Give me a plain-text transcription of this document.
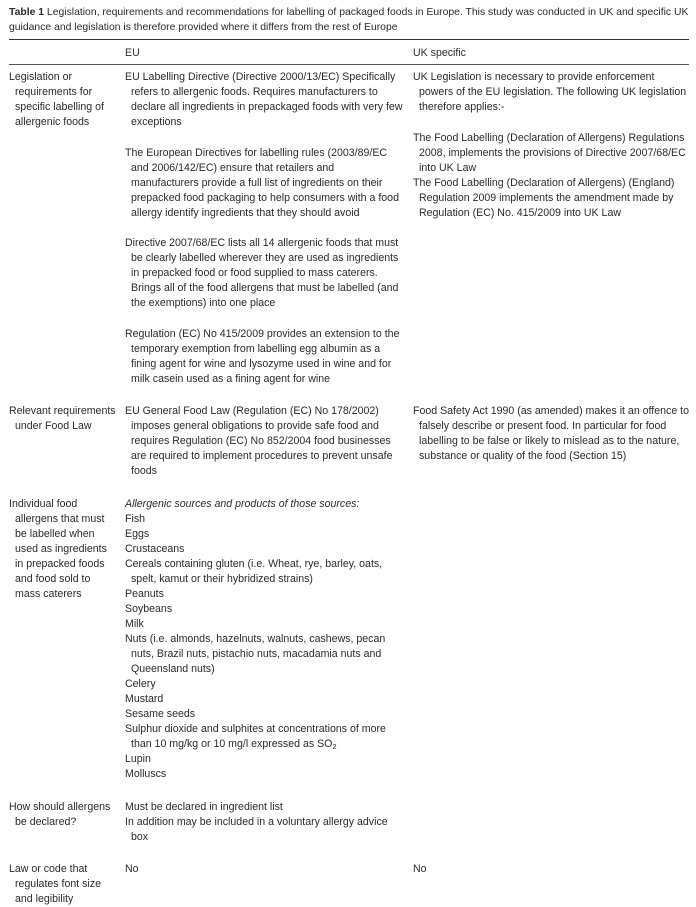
Table 1 Legislation, requirements and recommendations for labelling of packaged foods in Europe. This study was conducted in UK and specific UK guidance and legislation is therefore provided where it differs from the rest of Europe
EU	UK specific

Legislation or requirements for specific labelling of allergenic foods

EU Labelling Directive (Directive 2000/13/EC) Specifically refers to allergenic foods. Requires manufacturers to declare all ingredients in prepackaged foods with very few exceptions

The European Directives for labelling rules (2003/89/EC and 2006/142/EC) ensure that retailers and manufacturers provide a full list of ingredients on their prepacked food packaging to help consumers with a food allergy identify ingredients that they should avoid

Directive 2007/68/EC lists all 14 allergenic foods that must be clearly labelled wherever they are used as ingredients in prepacked food or food supplied to mass caterers. Brings all of the food allergens that must be labelled (and the exemptions) into one place

Regulation (EC) No 415/2009 provides an extension to the temporary exemption from labelling egg albumin as a fining agent for wine and lysozyme used in wine and for milk casein used as a fining agent for wine

UK Legislation is necessary to provide enforcement powers of the EU legislation. The following UK legislation therefore applies:-

The Food Labelling (Declaration of Allergens) Regulations 2008, implements the provisions of Directive 2007/68/EC into UK Law

The Food Labelling (Declaration of Allergens) (England) Regulation 2009 implements the amendment made by Regulation (EC) No. 415/2009 into UK Law

Relevant requirements under Food Law

EU General Food Law (Regulation (EC) No 178/2002) imposes general obligations to provide safe food and requires Regulation (EC) No 852/2004 food businesses are required to implement procedures to prevent unsafe foods

Food Safety Act 1990 (as amended) makes it an offence to falsely describe or present food. In particular for food labelling to be false or likely to mislead as to the nature, substance or quality of the food (Section 15)

Individual food allergens that must be labelled when used as ingredients in prepacked foods and food sold to mass caterers

Allergenic sources and products of those sources:

Fish

Eggs

Crustaceans

Cereals containing gluten (i.e. Wheat, rye, barley, oats, spelt, kamut or their hybridized strains)

Peanuts

Soybeans

Milk

Nuts (i.e. almonds, hazelnuts, walnuts, cashews, pecan nuts, Brazil nuts, pistachio nuts, macadamia nuts and Queensland nuts)

Celery

Mustard

Sesame seeds

Sulphur dioxide and sulphites at concentrations of more than 10 mg/kg or 10 mg/l expressed as $SO_2$

Lupin

Molluscs

How should allergens be declared?

Must be declared in ingredient list

In addition may be included in a voluntary allergy advice box

Law or code that regulates font size and legibility

No	No
